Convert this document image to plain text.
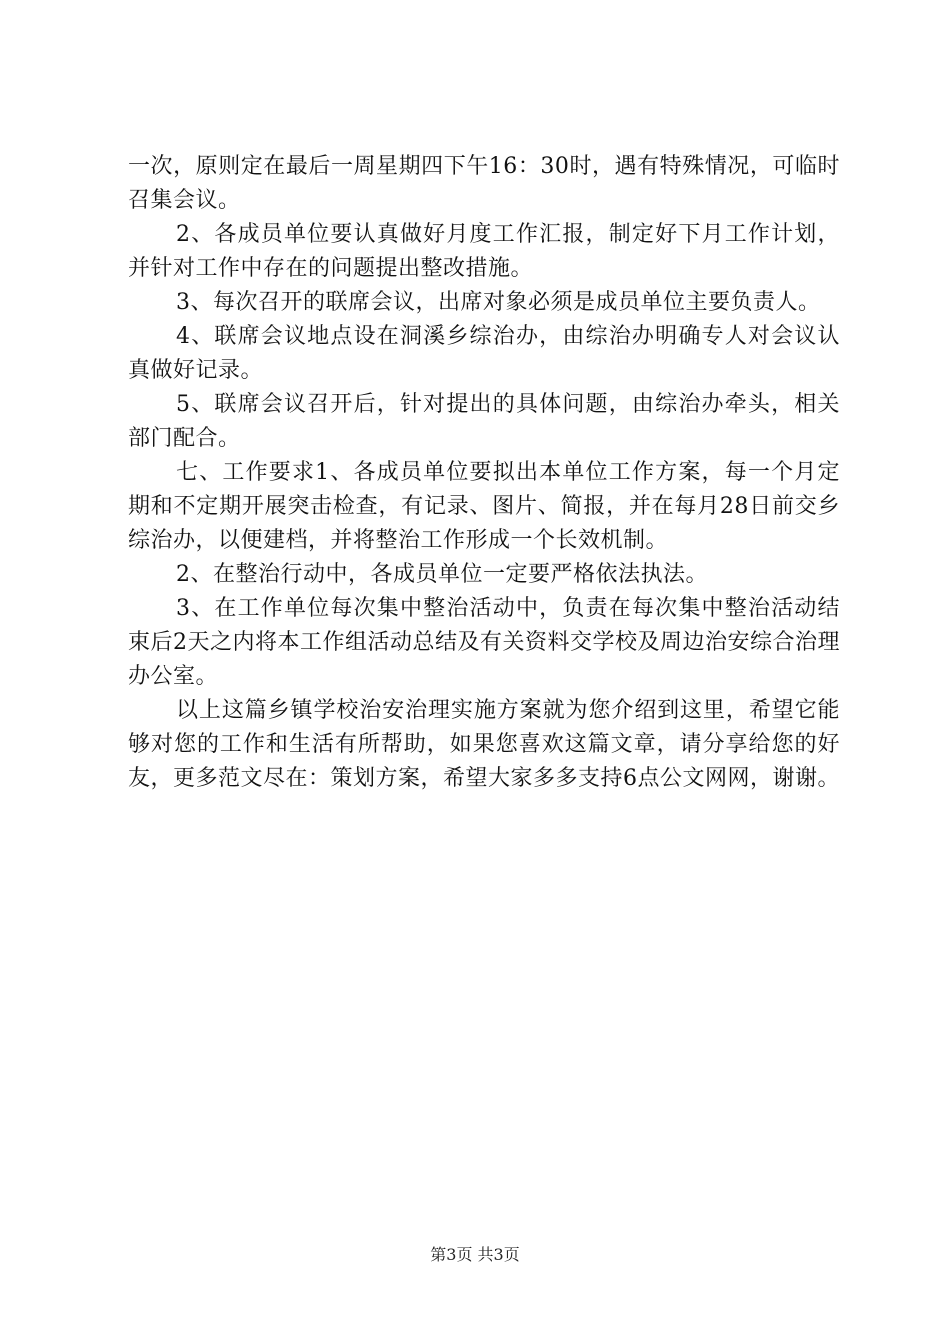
一次，原则定在最后一周星期四下午16：30时，遇有特殊情况，可临时召集会议。

2、各成员单位要认真做好月度工作汇报，制定好下月工作计划，并针对工作中存在的问题提出整改措施。

3、每次召开的联席会议，出席对象必须是成员单位主要负责人。

4、联席会议地点设在洞溪乡综治办，由综治办明确专人对会议认真做好记录。

5、联席会议召开后，针对提出的具体问题，由综治办牵头，相关部门配合。

七、工作要求1、各成员单位要拟出本单位工作方案，每一个月定期和不定期开展突击检查，有记录、图片、简报，并在每月28日前交乡综治办，以便建档，并将整治工作形成一个长效机制。

2、在整治行动中，各成员单位一定要严格依法执法。

3、在工作单位每次集中整治活动中，负责在每次集中整治活动结束后2天之内将本工作组活动总结及有关资料交学校及周边治安综合治理办公室。

以上这篇乡镇学校治安治理实施方案就为您介绍到这里，希望它能够对您的工作和生活有所帮助，如果您喜欢这篇文章，请分享给您的好友，更多范文尽在：策划方案，希望大家多多支持6点公文网网，谢谢。

第3页 共3页
